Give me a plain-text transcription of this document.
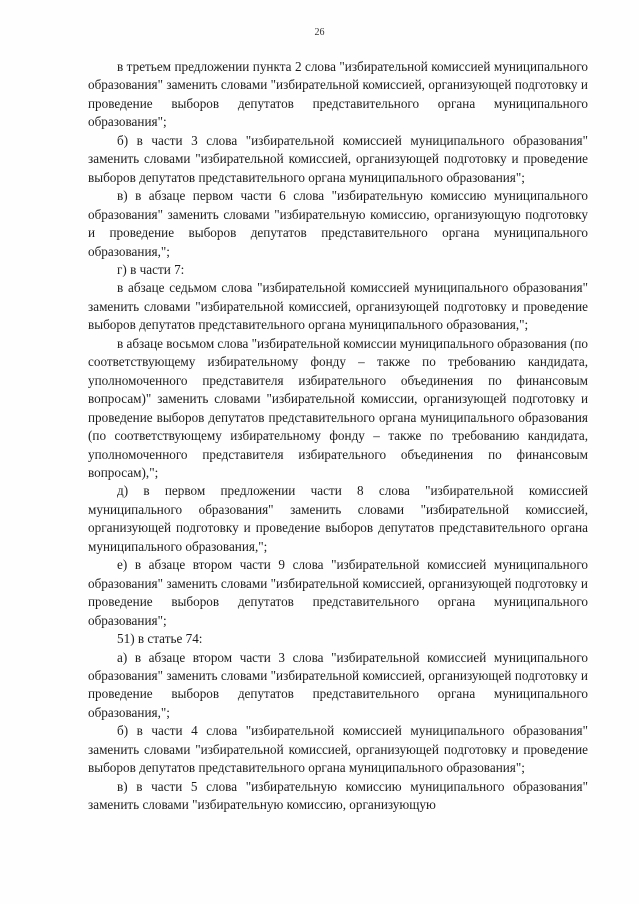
26

в третьем предложении пункта 2 слова "избирательной комиссией муниципального образования" заменить словами "избирательной комиссией, организующей подготовку и проведение выборов депутатов представительного органа муниципального образования";

б) в части 3 слова "избирательной комиссией муниципального образования" заменить словами "избирательной комиссией, организующей подготовку и проведение выборов депутатов представительного органа муниципального образования";

в) в абзаце первом части 6 слова "избирательную комиссию муниципального образования" заменить словами "избирательную комиссию, организующую подготовку и проведение выборов депутатов представительного органа муниципального образования,";

г) в части 7:

в абзаце седьмом слова "избирательной комиссией муниципального образования" заменить словами "избирательной комиссией, организующей подготовку и проведение выборов депутатов представительного органа муниципального образования,";

в абзаце восьмом слова "избирательной комиссии муниципального образования (по соответствующему избирательному фонду – также по требованию кандидата, уполномоченного представителя избирательного объединения по финансовым вопросам)" заменить словами "избирательной комиссии, организующей подготовку и проведение выборов депутатов представительного органа муниципального образования (по соответствующему избирательному фонду – также по требованию кандидата, уполномоченного представителя избирательного объединения по финансовым вопросам),";

д) в первом предложении части 8 слова "избирательной комиссией муниципального образования" заменить словами "избирательной комиссией, организующей подготовку и проведение выборов депутатов представительного органа муниципального образования,";

е) в абзаце втором части 9 слова "избирательной комиссией муниципального образования" заменить словами "избирательной комиссией, организующей подготовку и проведение выборов депутатов представительного органа муниципального образования";

51) в статье 74:

а) в абзаце втором части 3 слова "избирательной комиссией муниципального образования" заменить словами "избирательной комиссией, организующей подготовку и проведение выборов депутатов представительного органа муниципального образования,";

б) в части 4 слова "избирательной комиссией муниципального образования" заменить словами "избирательной комиссией, организующей подготовку и проведение выборов депутатов представительного органа муниципального образования";

в) в части 5 слова "избирательную комиссию муниципального образования" заменить словами "избирательную комиссию, организующую
